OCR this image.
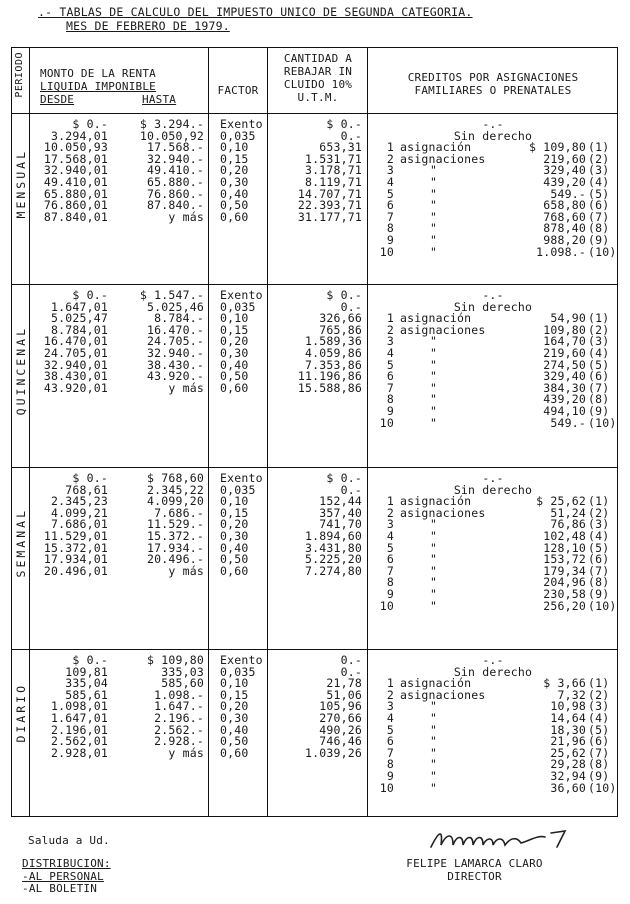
.- TABLAS DE CALCULO DEL IMPUESTO UNICO DE SEGUNDA CATEGORIA.
MES DE FEBRERO DE 1979.
PERIODO MONTO DE LA RENTA
LIQUIDA IMPONIBLE
DESDE	HASTA
FACTOR
CANTIDAD A
REBAJAR IN
CLUIDO 10%
U.T.M.
CREDITOS POR ASIGNACIONES
FAMILIARES O PRENATALES
MENSUAL
$ 0.-	$ 3.294.- Exento	$ 0.-
3.294,01	10.050,92 0,035	0.-
10.050,93	17.568.- 0,10	653,31
17.568,01	32.940.- 0,15	1.531,71
32.940,01	49.410.- 0,20	3.178,71
49.410,01	65.880.- 0,30	8.119,71
65.880,01	76.860.- 0,40	14.707,71
76.860,01	87.840.- 0,50	22.393,71
87.840,01	y más 0,60	31.177,71
-.-
Sin derecho
1 asignación	$ 109,80 (1)
2 asignaciones	219,60 (2)
3	"	329,40 (3)
4	"	439,20 (4)
5	"	549.- (5)
6	"	658,80 (6)
7	"	768,60 (7)
8	"	878,40 (8)
9	"	988,20 (9)
10	"	1.098.- (10)
QUINCENAL
$ 0.-	$ 1.547.- Exento	$ 0.-
1.647,01	5.025,46 0,035	0.-
5.025,47	8.784.- 0,10	326,66
8.784,01	16.470.- 0,15	765,86
16.470,01	24.705.- 0,20	1.589,36
24.705,01	32.940.- 0,30	4.059,86
32.940,01	38.430.- 0,40	7.353,86
38.430,01	43.920.- 0,50	11.196,86
43.920,01	y más 0,60	15.588,86
-.-
Sin derecho
1 asignación	54,90 (1)
2 asignaciones	109,80 (2)
3	"	164,70 (3)
4	"	219,60 (4)
5	"	274,50 (5)
6	"	329,40 (6)
7	"	384,30 (7)
8	"	439,20 (8)
9	"	494,10 (9)
10	"	549.- (10)
SEMANAL
$ 0.-	$ 768,60 Exento	$ 0.-
768,61	2.345,22 0,035	0.-
2.345,23	4.099,20 0,10	152,44
4.099,21	7.686.- 0,15	357,40
7.686,01	11.529.- 0,20	741,70
11.529,01	15.372.- 0,30	1.894,60
15.372,01	17.934.- 0,40	3.431,80
17.934,01	20.496.- 0,50	5.225,20
20.496,01	y más 0,60	7.274,80
-.-
Sin derecho
1 asignación	$ 25,62 (1)
2 asignaciones	51,24 (2)
3	"	76,86 (3)
4	"	102,48 (4)
5	"	128,10 (5)
6	"	153,72 (6)
7	"	179,34 (7)
8	"	204,96 (8)
9	"	230,58 (9)
10	"	256,20 (10)
DIARIO
$ 0.-	$ 109,80 Exento	0.-
109,81	335,03 0,035	0.-
335,04	585,60 0,10	21,78
585,61	1.098.- 0,15	51,06
1.098,01	1.647.- 0,20	105,96
1.647,01	2.196.- 0,30	270,66
2.196,01	2.562.- 0,40	490,26
2.562,01	2.928.- 0,50	746,46
2.928,01	y más 0,60	1.039,26
-.-
Sin derecho
1 asignación	$ 3,66 (1)
2 asignaciones	7,32 (2)
3	"	10,98 (3)
4	"	14,64 (4)
5	"	18,30 (5)
6	"	21,96 (6)
7	"	25,62 (7)
8	"	29,28 (8)
9	"	32,94 (9)
10	"	36,60 (10)
Saluda a Ud.
DISTRIBUCION:
-AL PERSONAL
-AL BOLETIN
FELIPE LAMARCA CLARO
DIRECTOR
